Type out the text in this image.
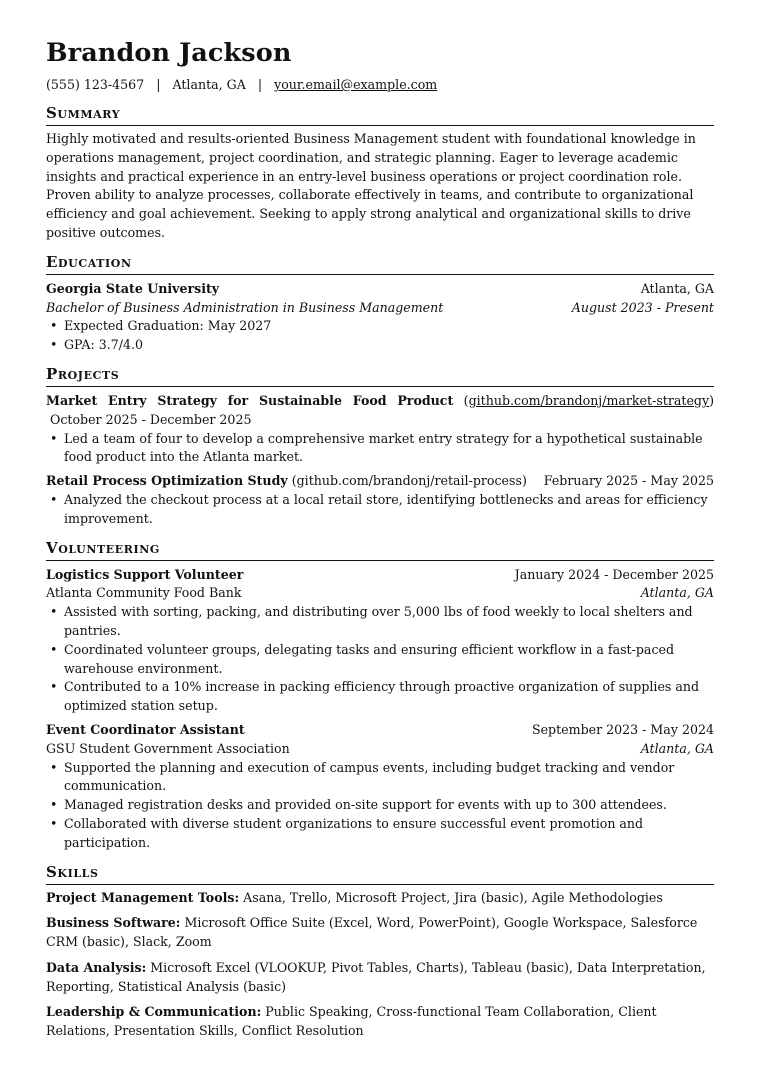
Brandon Jackson
(555) 123-4567 | Atlanta, GA | your.email@example.com
Summary

Highly motivated and results-oriented Business Management student with foundational knowledge in operations management, project coordination, and strategic planning. Eager to leverage academic insights and practical experience in an entry-level business operations or project coordination role. Proven ability to analyze processes, collaborate effectively in teams, and contribute to organizational efficiency and goal achievement. Seeking to apply strong analytical and organizational skills to drive positive outcomes.

Education
Georgia State University	Atlanta, GA
Bachelor of Business Administration in Business Management	August 2023 - Present
• Expected Graduation: May 2027
• GPA: 3.7/4.0
Projects
Market Entry Strategy for Sustainable Food Product (github.com/brandonj/market-strategy)  October 2025 - December 2025
• Led a team of four to develop a comprehensive market entry strategy for a hypothetical sustainable food product into the Atlanta market.
Retail Process Optimization Study (github.com/brandonj/retail-process)	February 2025 - May 2025
• Analyzed the checkout process at a local retail store, identifying bottlenecks and areas for efficiency improvement.
Volunteering
Logistics Support Volunteer	January 2024 - December 2025
Atlanta Community Food Bank	Atlanta, GA
• Assisted with sorting, packing, and distributing over 5,000 lbs of food weekly to local shelters and pantries.
• Coordinated volunteer groups, delegating tasks and ensuring efficient workflow in a fast-paced warehouse environment.
• Contributed to a 10% increase in packing efficiency through proactive organization of supplies and optimized station setup.
Event Coordinator Assistant	September 2023 - May 2024
GSU Student Government Association	Atlanta, GA
• Supported the planning and execution of campus events, including budget tracking and vendor communication.
• Managed registration desks and provided on-site support for events with up to 300 attendees.
• Collaborated with diverse student organizations to ensure successful event promotion and participation.
Skills
Project Management Tools: Asana, Trello, Microsoft Project, Jira (basic), Agile Methodologies
Business Software: Microsoft Office Suite (Excel, Word, PowerPoint), Google Workspace, Salesforce CRM (basic), Slack, Zoom
Data Analysis: Microsoft Excel (VLOOKUP, Pivot Tables, Charts), Tableau (basic), Data Interpretation, Reporting, Statistical Analysis (basic)
Leadership & Communication: Public Speaking, Cross-functional Team Collaboration, Client Relations, Presentation Skills, Conflict Resolution
